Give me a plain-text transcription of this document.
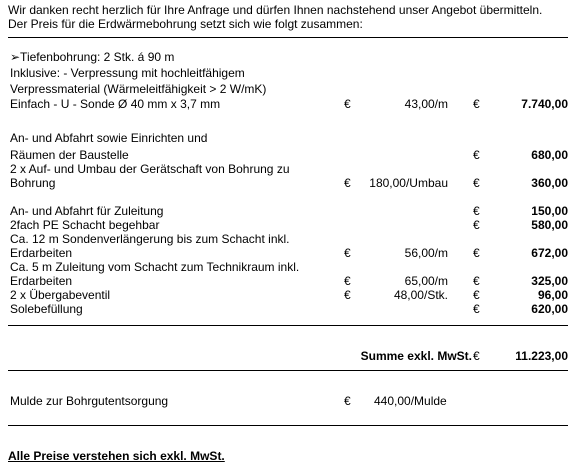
Wir danken recht herzlich für Ihre Anfrage und dürfen Ihnen nachstehend unser Angebot übermitteln.
Der Preis für die Erdwärmebohrung setzt sich wie folgt zusammen:
➢Tiefenbohrung: 2 Stk. á 90 m
Inklusive: - Verpressung mit hochleitfähigem
Verpressmaterial (Wärmeleitfähigkeit > 2 W/mK)
Einfach - U - Sonde Ø 40 mm x 3,7 mm	€	43,00/m €	7.740,00
An- und Abfahrt sowie Einrichten und
Räumen der Baustelle	€	680,00
2 x Auf- und Umbau der Gerätschaft von Bohrung zu
Bohrung	€ 180,00/Umbau €	360,00
An- und Abfahrt für Zuleitung	€	150,00
2fach PE Schacht begehbar	€	580,00
Ca. 12 m Sondenverlängerung bis zum Schacht inkl.
Erdarbeiten	€	56,00/m €	672,00
Ca. 5 m Zuleitung vom Schacht zum Technikraum inkl.
Erdarbeiten	€	65,00/m €	325,00
2 x Übergabeventil	€	48,00/Stk. €	96,00
Solebefüllung	€	620,00
Summe exkl. MwSt. €	11.223,00
Mulde zur Bohrgutentsorgung	€ 440,00/Mulde
Alle Preise verstehen sich exkl. MwSt.
